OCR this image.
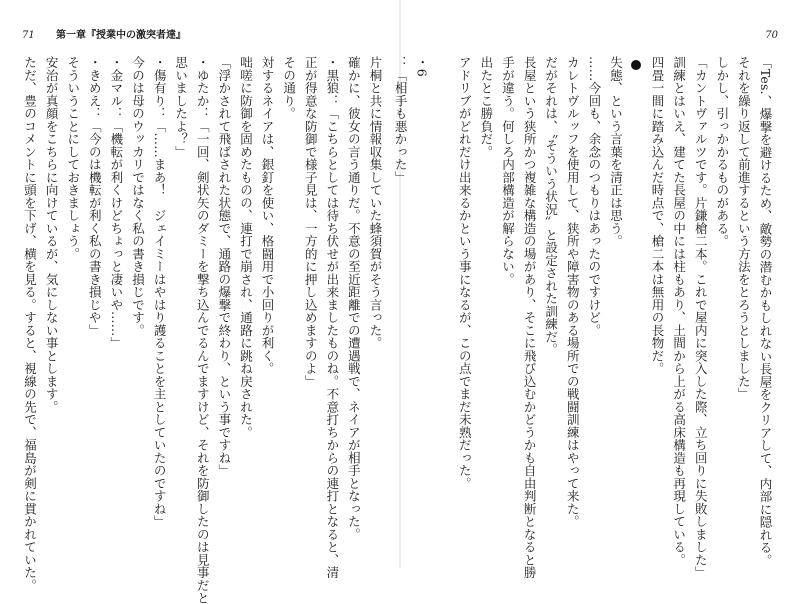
71 第一章『授業中の激突者達』
片桐と共に情報収集していた蜂須賀がそう言った。
確かに、彼女の言う通りだ。不意の至近距離での遭遇戦で、ネイアが相手となった。
・黒狼：「こちらとしては待ち伏せが出来ましたものね。不意打ちからの連打となると、清
正が得意な防御で様子見は、一方的に押し込めますのよ」
その通り。
対するネイアは、銀釘を使い、格闘用で小回りが利く。
咄嗟に防御を固めたものの、連打で崩され、通路に跳ね戻された。
「浮かされて飛ばされた状態で、通路の爆撃で終わり、という事ですね」
・ゆたか：「一回、剣状矢のダミーを撃ち込んでるんでますけど、それを防御したのは見事だと
思いましたよ？」
・傷有り：「……まあ！　ジェイミーはやはり護ることを主としていたのですね」
今のは母のウッカリではなく私の書き損じです。
・金マル：「機転が利くけどちょっと凄いや……」
・きめえ：「今のは機転が利く私の書き損じや」
そういうことにしておきましょう。
安治が真顔をこちらに向けているが、気にしない事とします。
ただ、豊のコメントに頭を下げ、横を見る。すると、視線の先で、福島が剣に貫かれていた。
70
「Tes.、爆撃を避けるため、敵勢の潜むかもしれない長屋をクリアして、内部に隠れる。
それを繰り返して前進するという方法をとろうとしました」
しかし、引っかかるものがある。
「カントヴァルツです。片鎌槍二本。これで屋内に突入した際、立ち回りに失敗しました」
訓練とはいえ、建てた長屋の中には柱もあり、土間から上がる高床構造も再現している。
四畳一間に踏み込んだ時点で、槍二本は無用の長物だ。
失態、という言葉を清正は思う。
……今回も、余念のつもりはあったのですけど。
カレトヴルッフを使用して、狭所や障害物のある場所での戦闘訓練はやって来た。
だがそれは、〝そういう状況〟と設定された訓練だ。
長屋という狭所かつ複雑な構造の場があり、そこに飛び込むかどうかも自由判断となると勝
手が違う。何しろ内部構造が解らない。
出たとこ勝負だ。
アドリブがどれだけ出来るかという事になるが、この点でまだ未熟だった。
・6
：「相手も悪かった」
